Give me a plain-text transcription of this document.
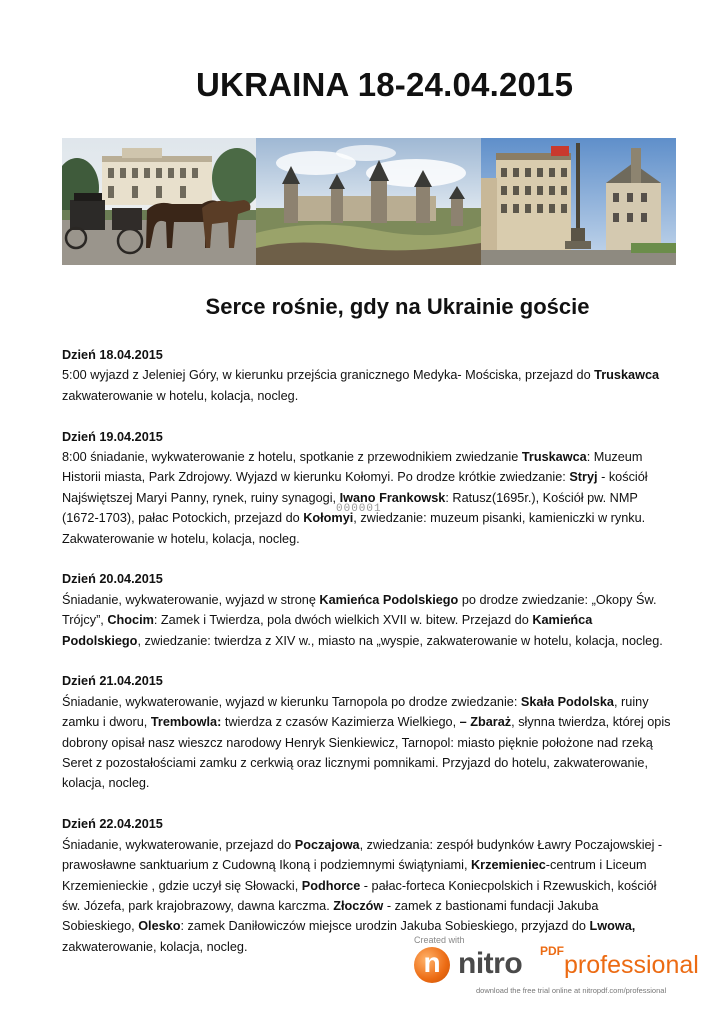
UKRAINA 18-24.04.2015
Serce rośnie, gdy na Ukrainie goście
Dzień 18.04.2015
5:00 wyjazd z Jeleniej Góry, w kierunku przejścia granicznego Medyka- Mościska, przejazd do Truskawca zakwaterowanie w hotelu, kolacja, nocleg.
Dzień 19.04.2015
8:00 śniadanie, wykwaterowanie z hotelu, spotkanie z przewodnikiem zwiedzanie Truskawca: Muzeum Historii miasta, Park Zdrojowy. Wyjazd w kierunku Kołomyi. Po drodze krótkie zwiedzanie: Stryj - kościół Najświętszej Maryi Panny, rynek, ruiny synagogi, Iwano Frankowsk: Ratusz(1695r.), Kościół pw. NMP (1672-1703), pałac Potockich, przejazd do Kołomyi, zwiedzanie: muzeum pisanki, kamieniczki w rynku. Zakwaterowanie w hotelu, kolacja, nocleg.
Dzień 20.04.2015
Śniadanie, wykwaterowanie, wyjazd w stronę Kamieńca Podolskiego po drodze zwiedzanie: „Okopy Św. Trójcy”, Chocim: Zamek i Twierdza, pola dwóch wielkich XVII w. bitew. Przejazd do Kamieńca Podolskiego, zwiedzanie: twierdza z XIV w., miasto na „wyspie, zakwaterowanie w hotelu, kolacja, nocleg.
Dzień 21.04.2015
Śniadanie, wykwaterowanie, wyjazd w kierunku Tarnopola po drodze zwiedzanie: Skała Podolska, ruiny zamku i dworu, Trembowla: twierdza z czasów Kazimierza Wielkiego, – Zbaraż, słynna twierdza, której opis dobrony opisał nasz wieszcz narodowy Henryk Sienkiewicz, Tarnopol: miasto pięknie położone nad rzeką Seret z pozostałościami zamku z cerkwią oraz licznymi pomnikami. Przyjazd do hotelu, zakwaterowanie, kolacja, nocleg.
Dzień 22.04.2015
Śniadanie, wykwaterowanie, przejazd do Poczajowa, zwiedzania: zespół budynków Ławry Poczajowskiej - prawosławne sanktuarium z Cudowną Ikoną i podziemnymi świątyniami, Krzemieniec-centrum i Liceum Krzemienieckie , gdzie uczył się Słowacki, Podhorce - pałac-forteca Koniecpolskich i Rzewuskich, kościół św. Józefa, park krajobrazowy, dawna karczma. Złoczów - zamek z bastionami fundacji Jakuba Sobieskiego, Olesko: zamek Daniłowiczów miejsce urodzin Jakuba Sobieskiego, przyjazd do Lwowa, zakwaterowanie, kolacja, nocleg.
000001
Created with
n nitro PDF professional
download the free trial online at nitropdf.com/professional
